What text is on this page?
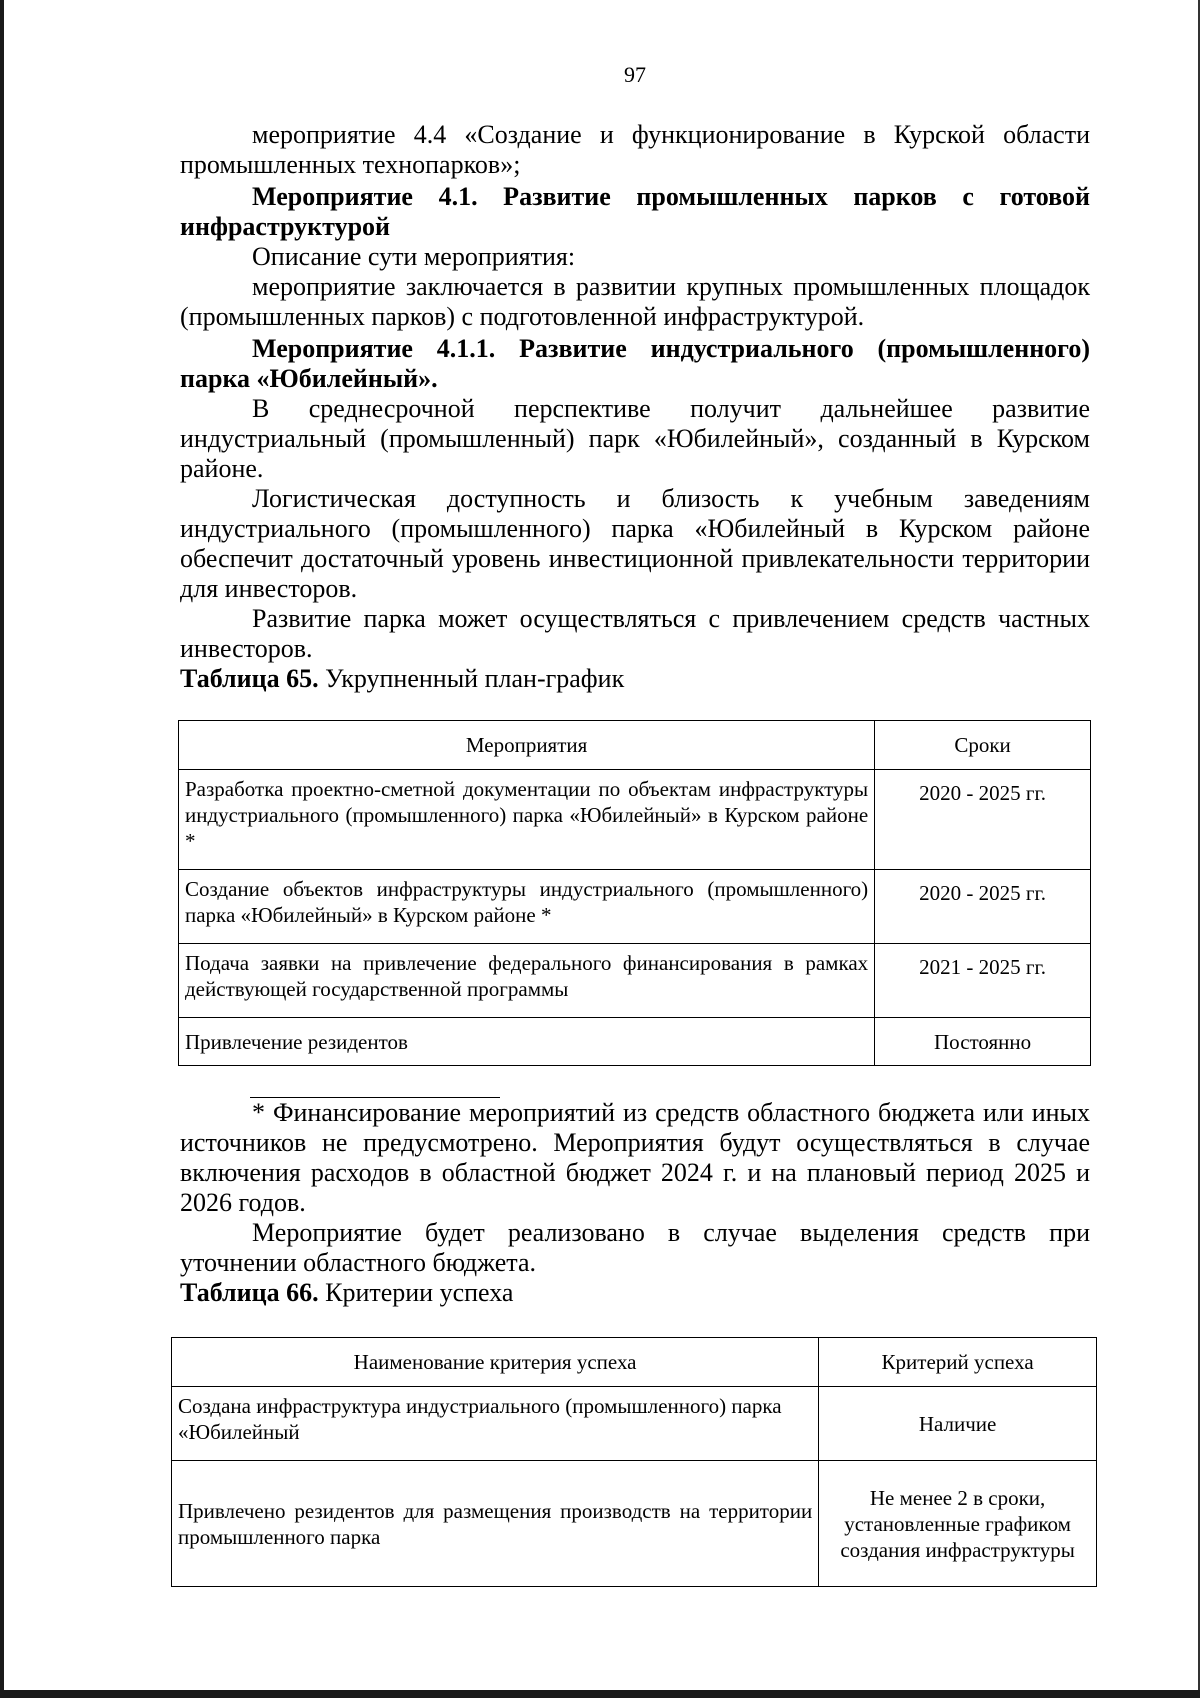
97

мероприятие 4.4 «Создание и функционирование в Курской области промышленных технопарков»;

Мероприятие 4.1. Развитие промышленных парков с готовой инфраструктурой

Описание сути мероприятия:

мероприятие заключается в развитии крупных промышленных площадок (промышленных парков) с подготовленной инфраструктурой.

Мероприятие 4.1.1. Развитие индустриального (промышленного) парка «Юбилейный».

В среднесрочной перспективе получит дальнейшее развитие индустриальный (промышленный) парк «Юбилейный», созданный в Курском районе.

Логистическая доступность и близость к учебным заведениям индустриального (промышленного) парка «Юбилейный в Курском районе обеспечит достаточный уровень инвестиционной привлекательности территории для инвесторов.

Развитие парка может осуществляться с привлечением средств частных инвесторов.

Таблица 65. Укрупненный план-график

Мероприятия	Сроки
Разработка проектно-сметной документации по объектам инфраструктуры индустриального (промышленного) парка «Юбилейный» в Курском районе *	2020 - 2025 гг.
Создание объектов инфраструктуры индустриального (промышленного) парка «Юбилейный» в Курском районе *	2020 - 2025 гг.
Подача заявки на привлечение федерального финансирования в рамках действующей государственной программы	2021 - 2025 гг.
Привлечение резидентов	Постоянно

* Финансирование мероприятий из средств областного бюджета или иных источников не предусмотрено. Мероприятия будут осуществляться в случае включения расходов в областной бюджет 2024 г. и на плановый период 2025 и 2026 годов.

Мероприятие будет реализовано в случае выделения средств при уточнении областного бюджета.

Таблица 66. Критерии успеха

Наименование критерия успеха	Критерий успеха
Создана инфраструктура индустриального (промышленного) парка «Юбилейный	Наличие
Привлечено резидентов для размещения производств на территории промышленного парка	Не менее 2 в сроки, установленные графиком создания инфраструктуры
